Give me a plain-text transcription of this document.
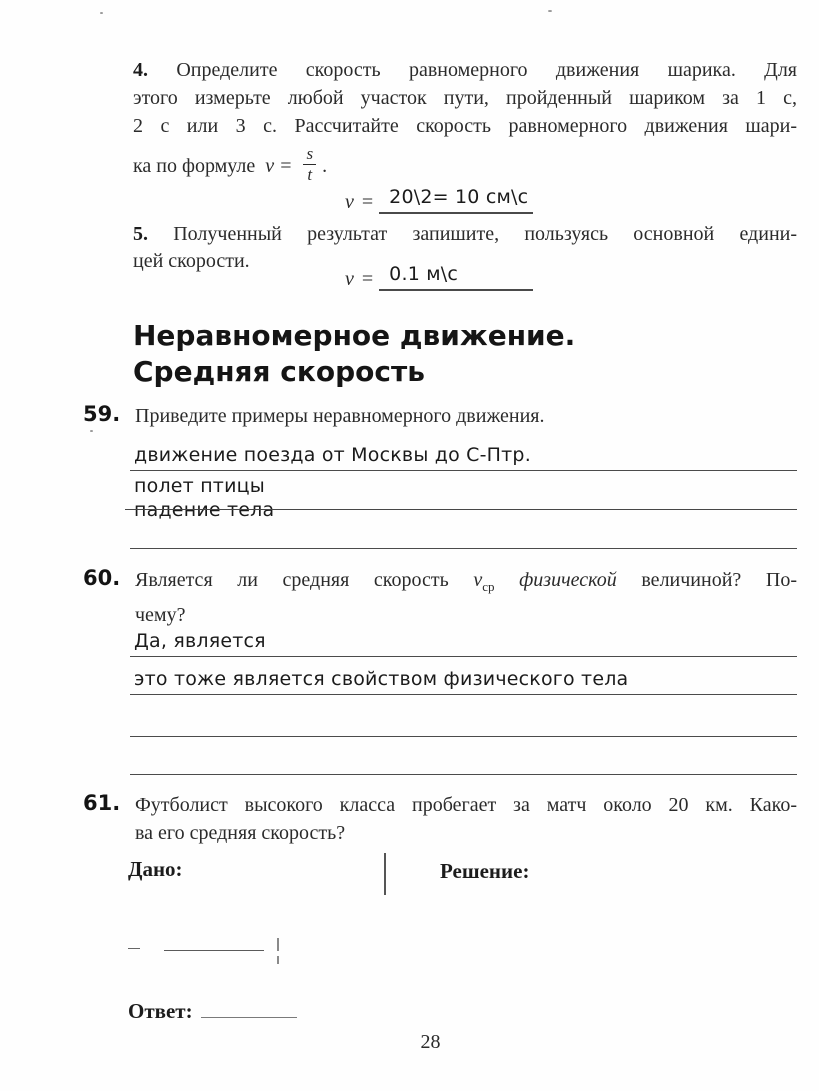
4. Определите скорость равномерного движения шарика. Для
этого измерьте любой участок пути, пройденный шариком за 1 с,
2 с или 3 с. Рассчитайте скорость равномерного движения шари-
ка по формуле $v = \frac{s}{t}$ .
v = 20\2= 10 см\с
5. Полученный результат запишите, пользуясь основной едини-
цей скорости.
v = 0.1 м\с
Неравномерное движение.
Средняя скорость
59. Приведите примеры неравномерного движения.
движение поезда от Москвы до С-Птр.
полет птицы
падение тела
60. Является ли средняя скорость $v_{ср}$ физической величиной? По-
чему?
Да, является
это тоже является свойством физического тела
61. Футболист высокого класса пробегает за матч около 20 км. Како-
ва его средняя скорость?
Дано:	Решение:

Ответ:
28
